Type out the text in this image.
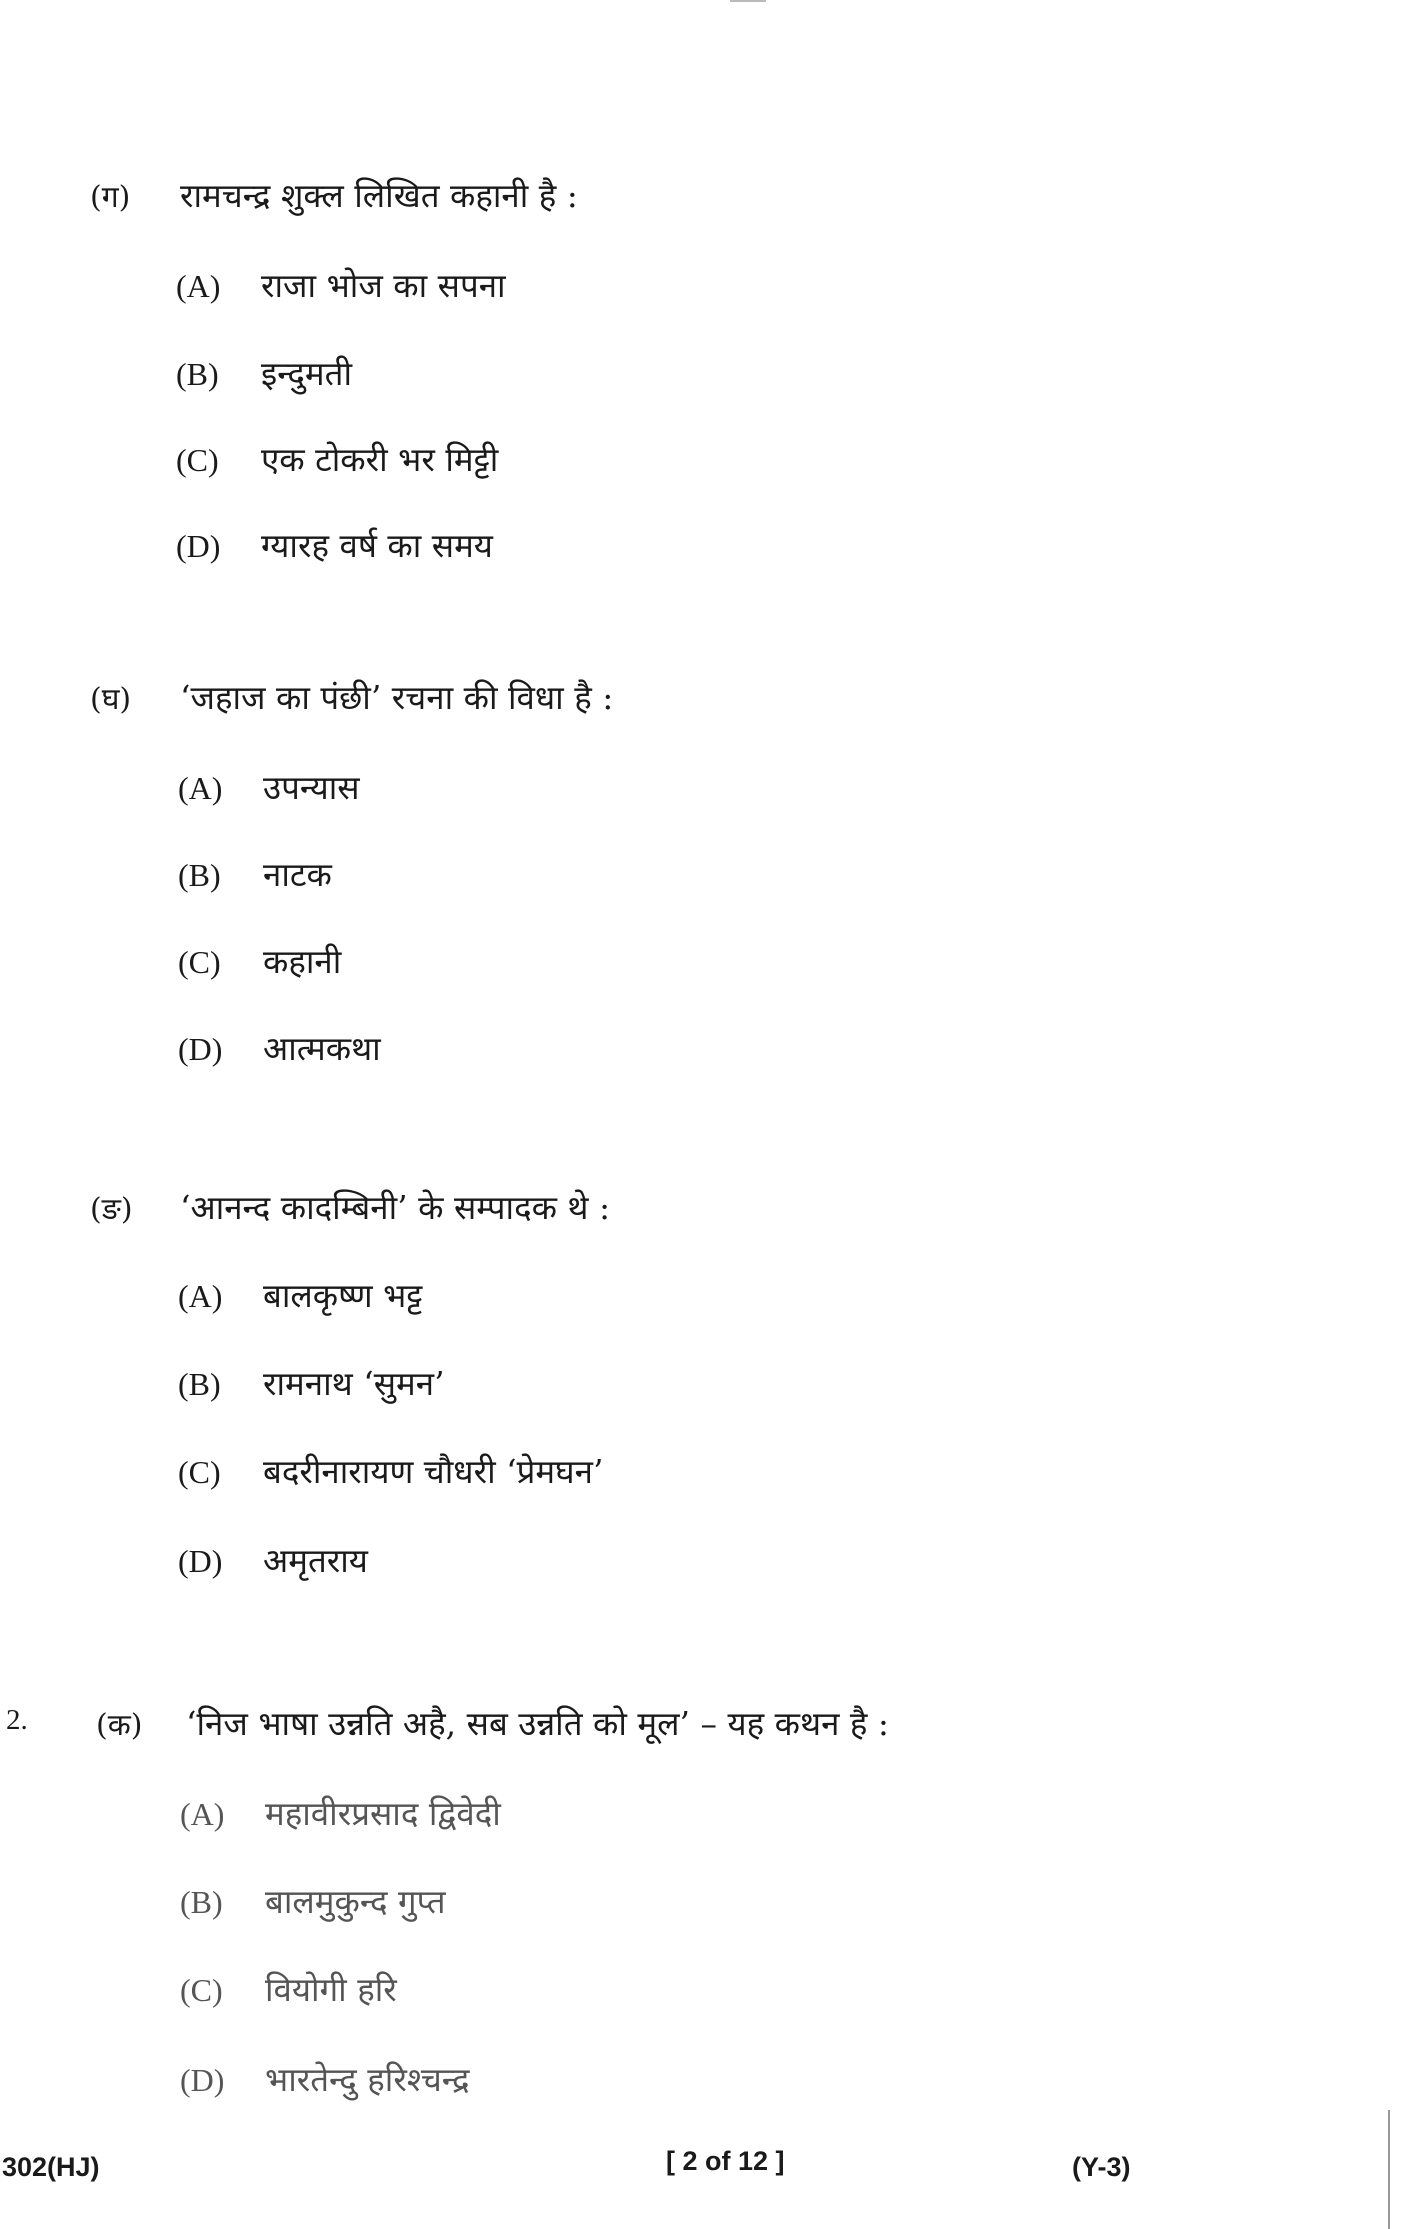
(ग)	रामचन्द्र शुक्ल लिखित कहानी है :
(A)	राजा भोज का सपना
(B)	इन्दुमती
(C)	एक टोकरी भर मिट्टी
(D)	ग्यारह वर्ष का समय
(घ)	‘जहाज का पंछी’ रचना की विधा है :
(A)	उपन्यास
(B)	नाटक
(C)	कहानी
(D)	आत्मकथा
(ङ)	‘आनन्द कादम्बिनी’ के सम्पादक थे :
(A)	बालकृष्ण भट्ट
(B)	रामनाथ ‘सुमन’
(C)	बदरीनारायण चौधरी ‘प्रेमघन’
(D)	अमृतराय
2. (क)	‘निज भाषा उन्नति अहै, सब उन्नति को मूल’ – यह कथन है :
(A)	महावीरप्रसाद द्विवेदी
(B)	बालमुकुन्द गुप्त
(C)	वियोगी हरि
(D)	भारतेन्दु हरिश्चन्द्र
302(HJ)	[ 2 of 12 ]	(Y-3)
